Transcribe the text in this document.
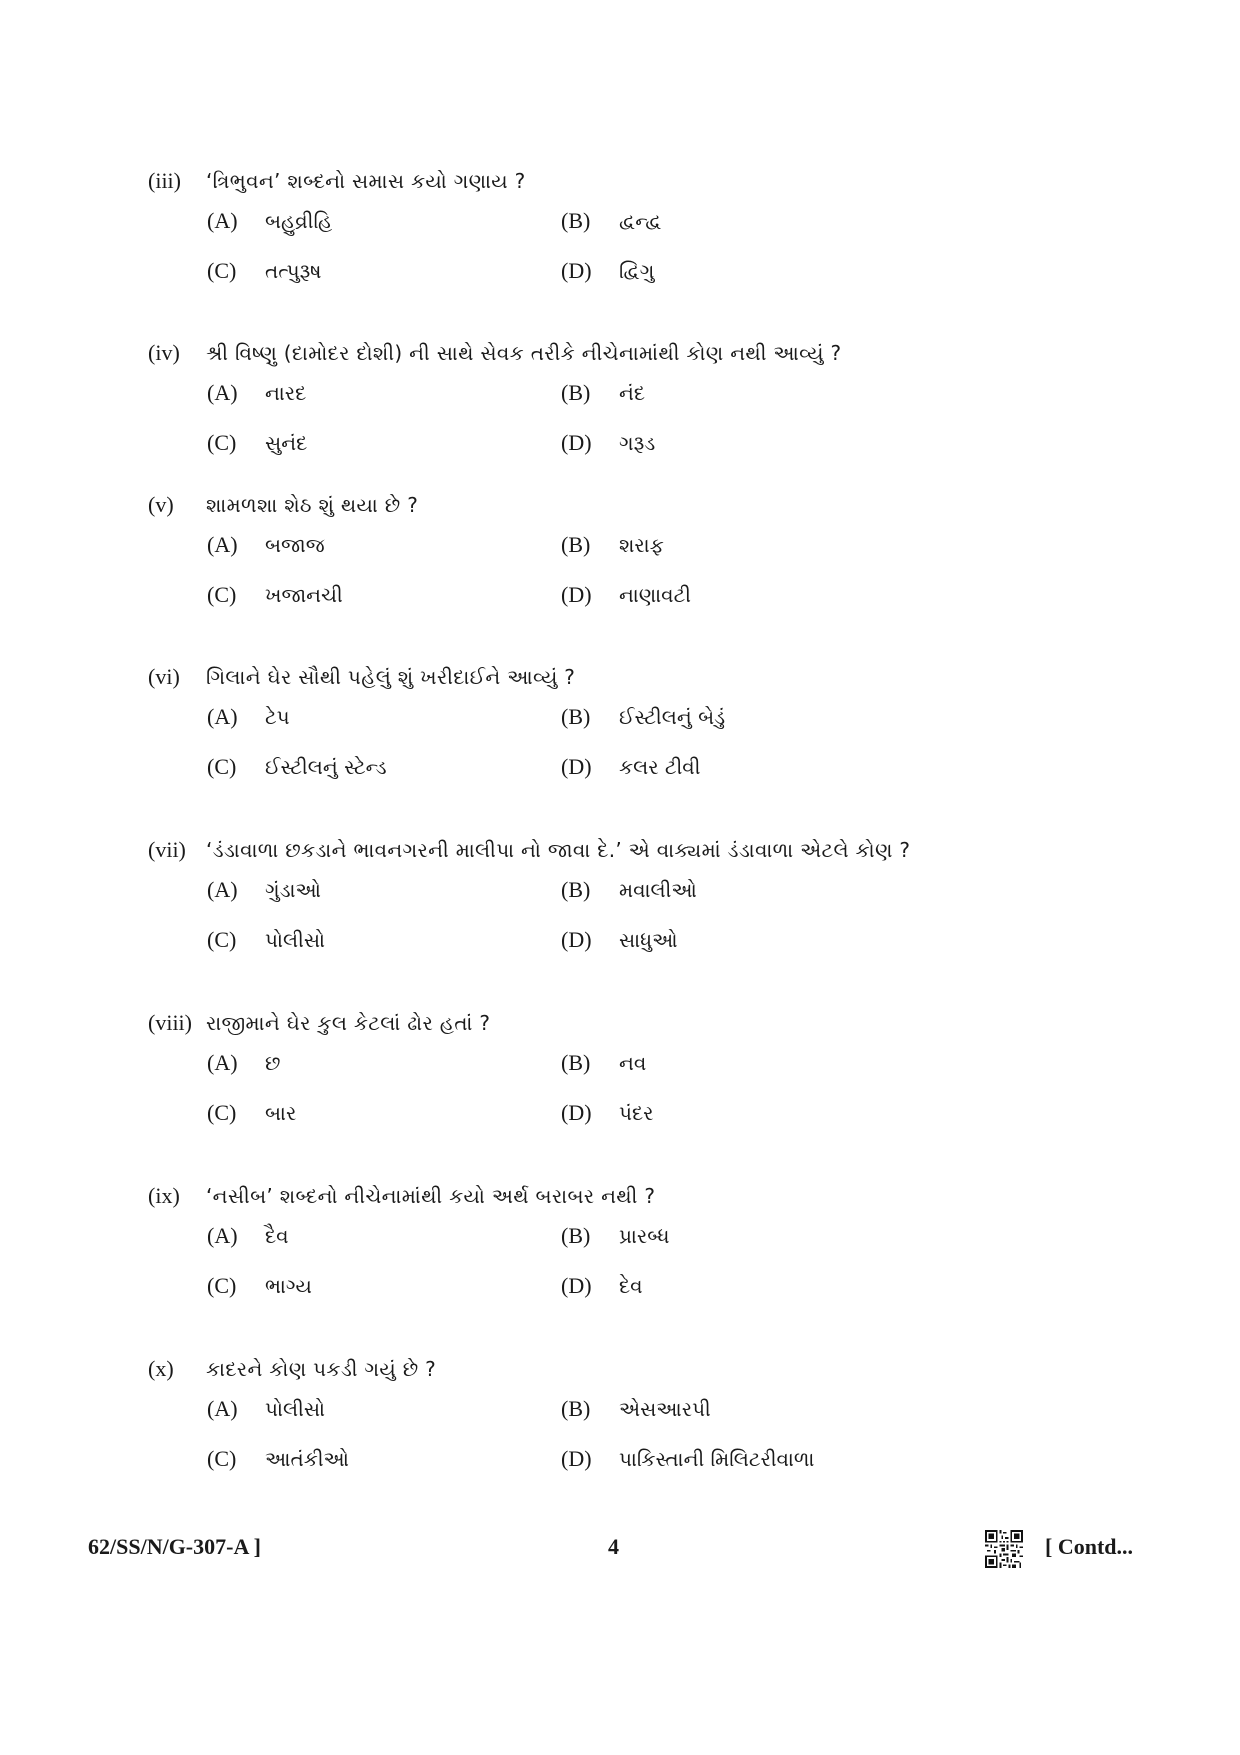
(iii)	‘ત્રિભુવન’ શબ્દનો સમાસ કયો ગણાય ?
(A)	બહુવ્રીહિ	(B)	દ્વન્દ્વ
(C)	તત્પુરૂષ	(D)	દ્વિગુ
(iv)	શ્રી વિષ્ણુ (દામોદર દોશી) ની સાથે સેવક તરીકે નીચેનામાંથી કોણ નથી આવ્યું ?
(A)	નારદ	(B)	નંદ
(C)	સુનંદ	(D)	ગરૂડ
(v)	શામળશા શેઠ શું થયા છે ?
(A)	બજાજ	(B)	શરાફ
(C)	ખજાનચી	(D)	નાણાવટી
(vi)	ગિલાને ઘેર સૌથી પહેલું શું ખરીદાઈને આવ્યું ?
(A)	ટેપ	(B)	ઈસ્ટીલનું બેડું
(C)	ઈસ્ટીલનું સ્ટેન્ડ	(D)	કલર ટીવી
(vii)	‘ડંડાવાળા છકડાને ભાવનગરની માલીપા નો જાવા દે.’ એ વાક્યમાં ડંડાવાળા એટલે કોણ ?
(A)	ગુંડાઓ	(B)	મવાલીઓ
(C)	પોલીસો	(D)	સાધુઓ
(viii) રાજીમાને ઘેર કુલ કેટલાં ઢોર હતાં ?
(A)	છ	(B)	નવ
(C)	બાર	(D)	પંદર
(ix)	‘નસીબ’ શબ્દનો નીચેનામાંથી કયો અર્થ બરાબર નથી ?
(A)	દૈવ	(B)	પ્રારબ્ધ
(C)	ભાગ્ય	(D)	દેવ
(x)	કાદરને કોણ પકડી ગયું છે ?
(A)	પોલીસો	(B)	એસઆરપી
(C)	આતંકીઓ	(D)	પાકિસ્તાની મિલિટરીવાળા
62/SS/N/G-307-A ]	4	[ Contd...
